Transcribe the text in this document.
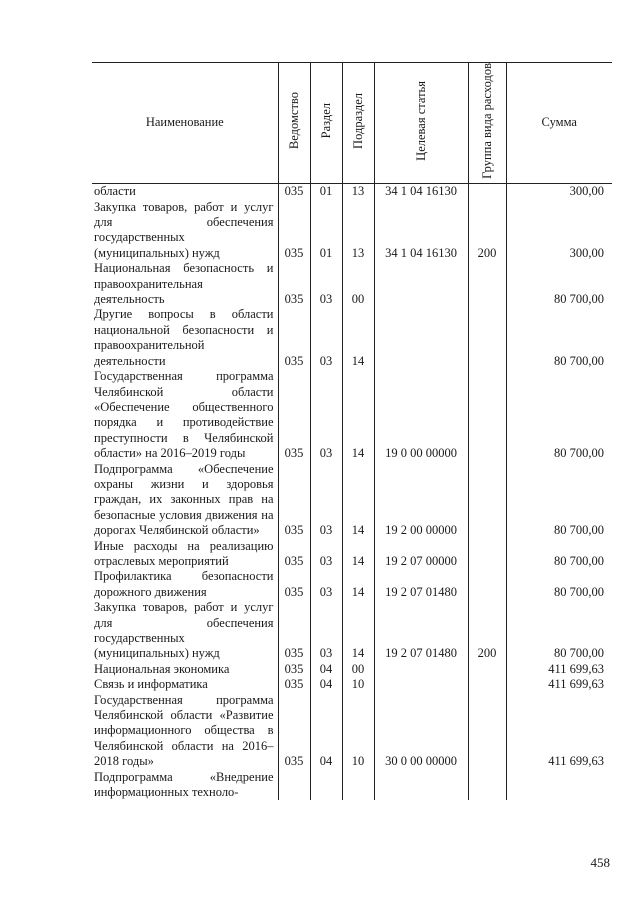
Наименование	Ведомство	Раздел	Подраздел	Целевая статья	Группа вида расходов	Сумма
области	035	01	13	34 1 04 16130		300,00
Закупка товаров, работ и услуг для обеспечения государственных (муниципальных) нужд	035	01	13	34 1 04 16130	200	300,00
Национальная безопасность и правоохранительная деятельность	035	03	00			80 700,00
Другие вопросы в области национальной безопасности и правоохранительной деятельности	035	03	14			80 700,00
Государственная программа Челябинской области «Обеспечение общественного порядка и противодействие преступности в Челябинской области» на 2016–2019 годы	035	03	14	19 0 00 00000		80 700,00
Подпрограмма «Обеспечение охраны жизни и здоровья граждан, их законных прав на безопасные условия движения на дорогах Челябинской области»	035	03	14	19 2 00 00000		80 700,00
Иные расходы на реализацию отраслевых мероприятий	035	03	14	19 2 07 00000		80 700,00
Профилактика безопасности дорожного движения	035	03	14	19 2 07 01480		80 700,00
Закупка товаров, работ и услуг для обеспечения государственных (муниципальных) нужд	035	03	14	19 2 07 01480	200	80 700,00
Национальная экономика	035	04	00			411 699,63
Связь и информатика	035	04	10			411 699,63
Государственная программа Челябинской области «Развитие информационного общества в Челябинской области на 2016–2018 годы»	035	04	10	30 0 00 00000		411 699,63
Подпрограмма «Внедрение информационных техноло-						
458
